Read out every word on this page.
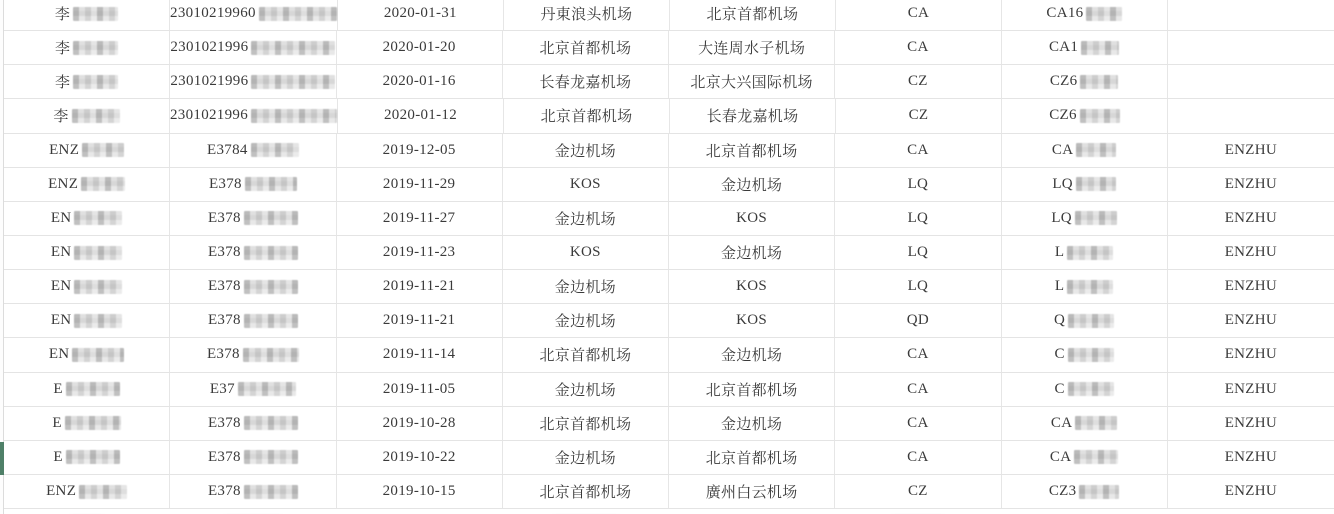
李	23010219960	2020-01-31	丹東浪头机场	北京首都机场	CA	CA16
李	2301021996	2020-01-20	北京首都机场	大连周水子机场	CA	CA1
李	2301021996	2020-01-16	长春龙嘉机场	北京大兴国际机场	CZ	CZ6
李	2301021996	2020-01-12	北京首都机场	长春龙嘉机场	CZ	CZ6
ENZ	E3784	2019-12-05	金边机场	北京首都机场	CA	CA	ENZHU
ENZ	E378	2019-11-29	KOS	金边机场	LQ	LQ	ENZHU
EN	E378	2019-11-27	金边机场	KOS	LQ	LQ	ENZHU
EN	E378	2019-11-23	KOS	金边机场	LQ	L	ENZHU
EN	E378	2019-11-21	金边机场	KOS	LQ	L	ENZHU
EN	E378	2019-11-21	金边机场	KOS	QD	Q	ENZHU
EN	E378	2019-11-14	北京首都机场	金边机场	CA	C	ENZHU
E	E37	2019-11-05	金边机场	北京首都机场	CA	C	ENZHU
E	E378	2019-10-28	北京首都机场	金边机场	CA	CA	ENZHU
E	E378	2019-10-22	金边机场	北京首都机场	CA	CA	ENZHU
ENZ	E378	2019-10-15	北京首都机场	廣州白云机场	CZ	CZ3	ENZHU
